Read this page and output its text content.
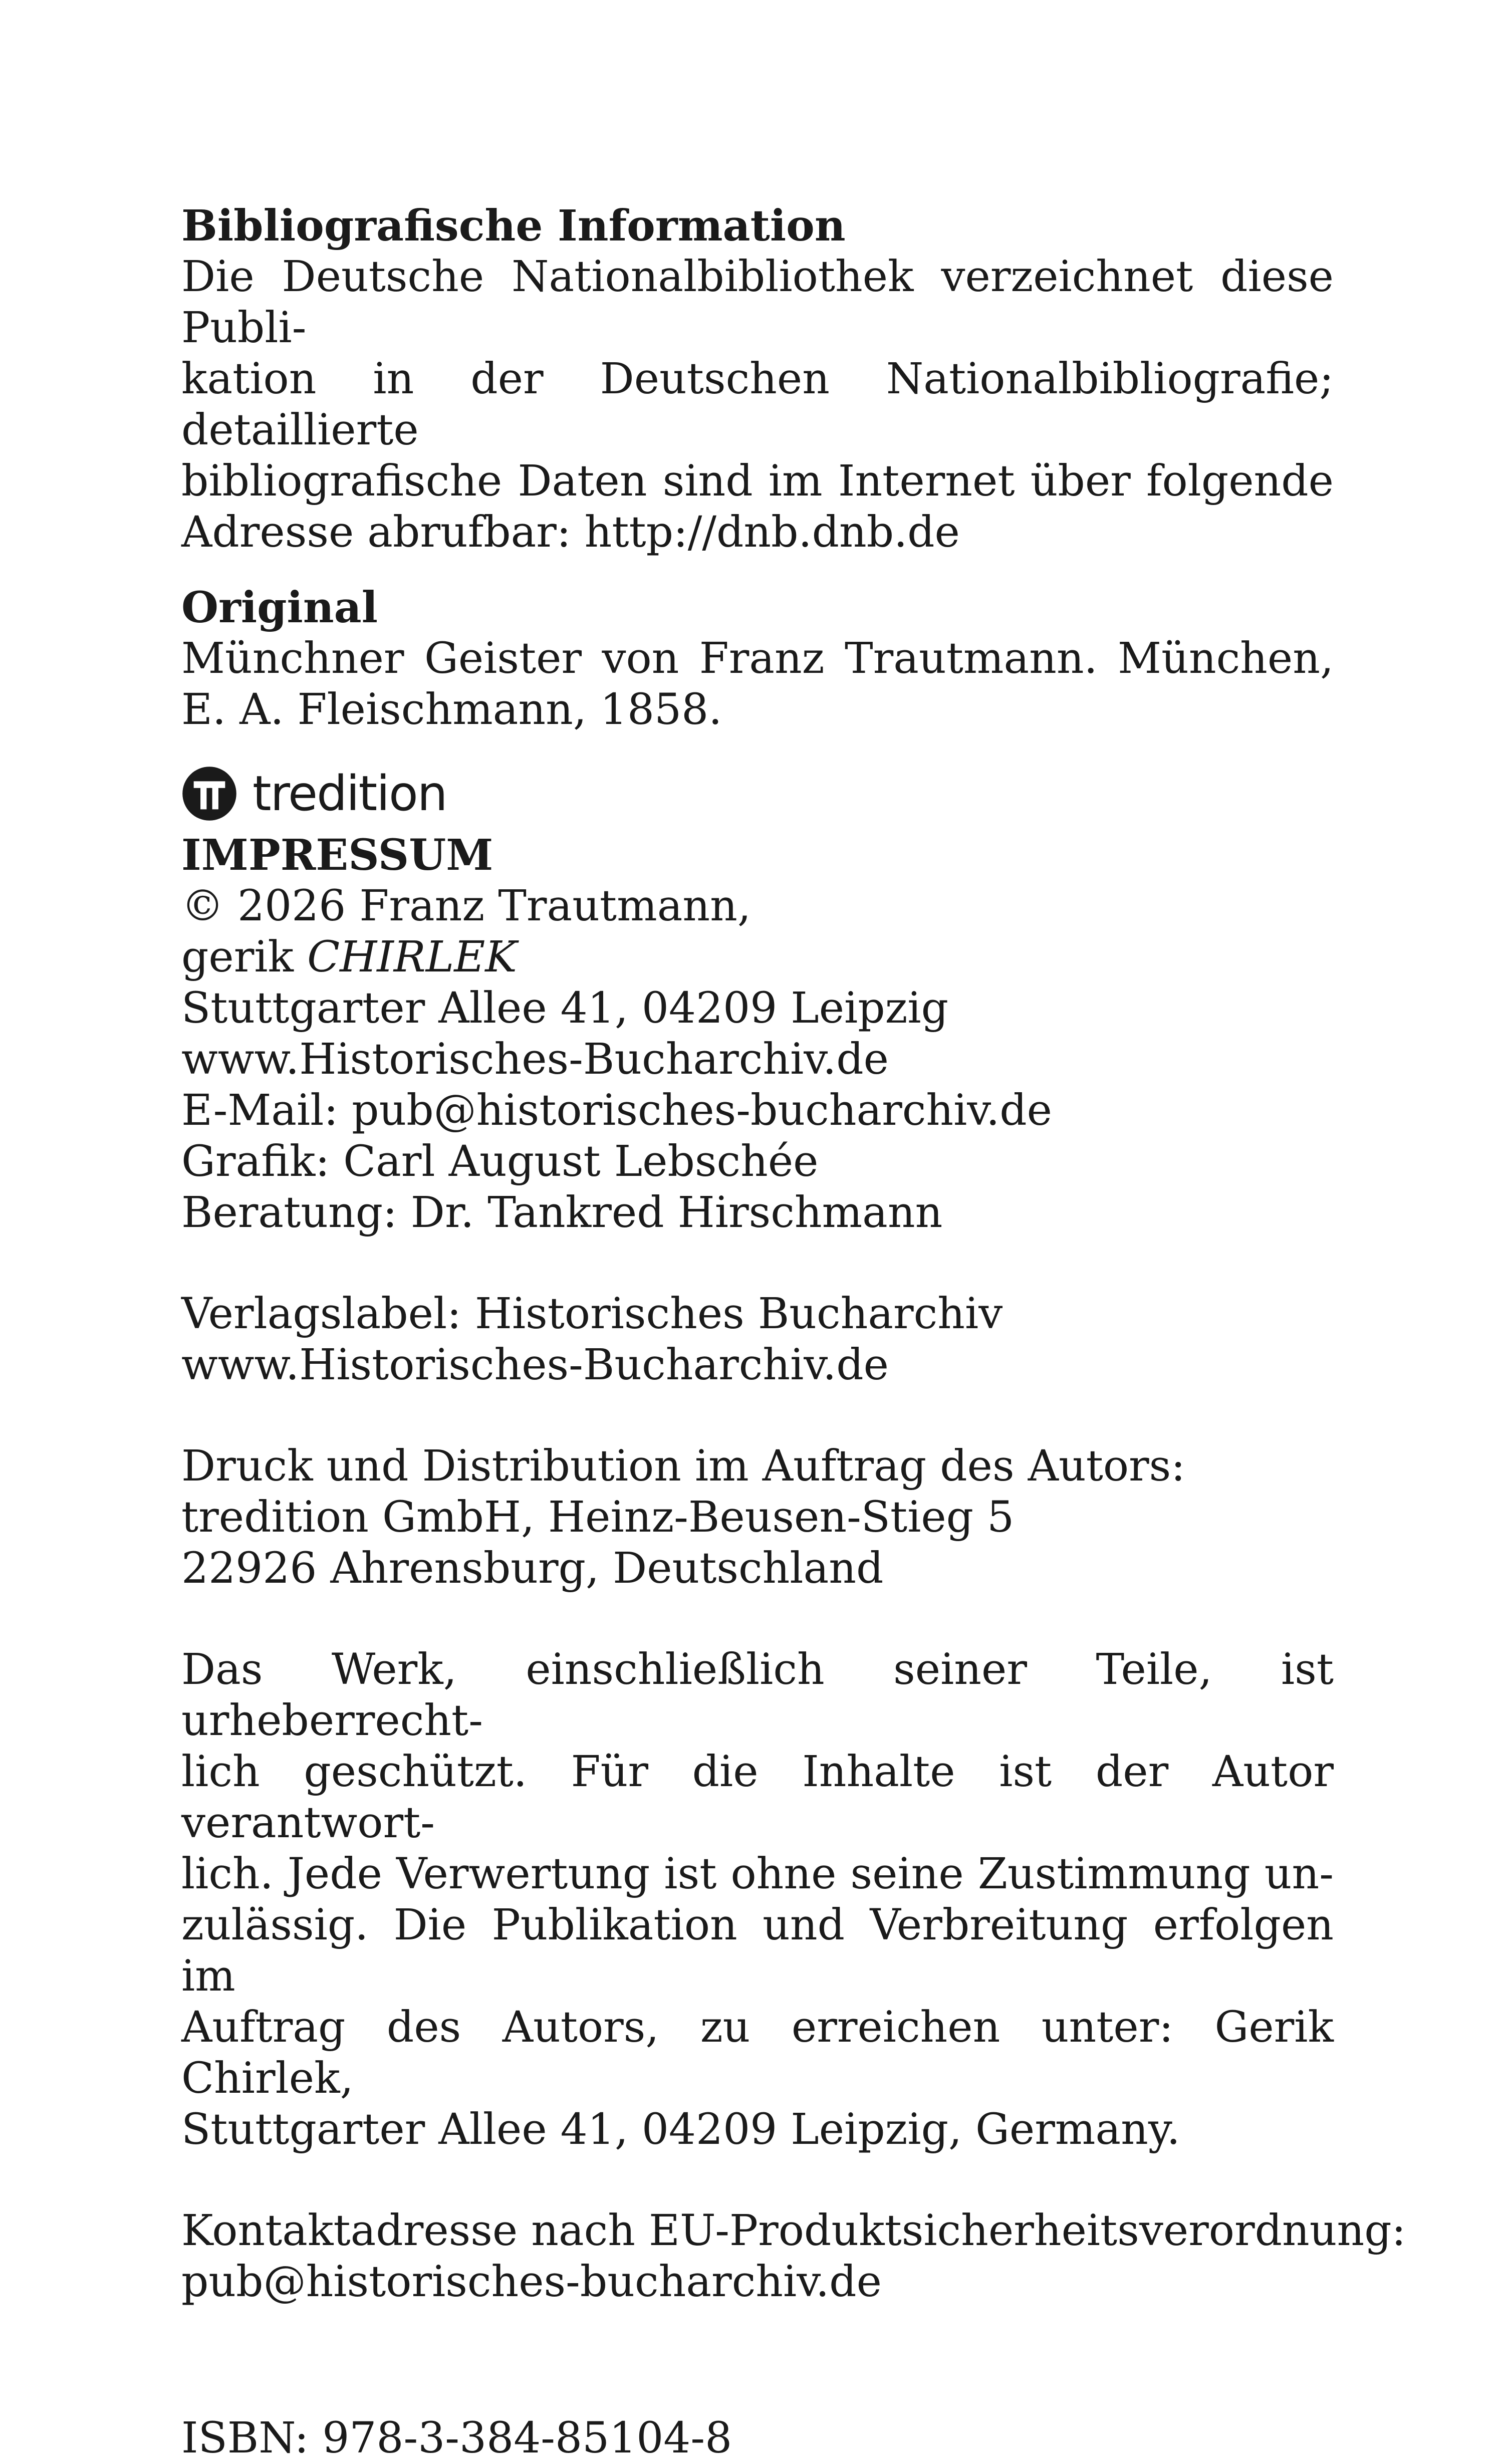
Bibliografische Information
Die Deutsche Nationalbibliothek verzeichnet diese Publi-
kation in der Deutschen Nationalbibliografie; detaillierte
bibliografische Daten sind im Internet über folgende
Adresse abrufbar: http://dnb.dnb.de
Original
Münchner Geister von Franz Trautmann. München,
E. A. Fleischmann, 1858.
tredition
IMPRESSUM
© 2026 Franz Trautmann,
gerik CHIRLEK
Stuttgarter Allee 41, 04209 Leipzig
www.Historisches-Bucharchiv.de
E-Mail: pub@historisches-bucharchiv.de
Grafik: Carl August Lebschée
Beratung: Dr. Tankred Hirschmann
Verlagslabel: Historisches Bucharchiv
www.Historisches-Bucharchiv.de
Druck und Distribution im Auftrag des Autors:
tredition GmbH, Heinz-Beusen-Stieg 5
22926 Ahrensburg, Deutschland
Das Werk, einschließlich seiner Teile, ist urheberrecht-
lich geschützt. Für die Inhalte ist der Autor verantwort-
lich. Jede Verwertung ist ohne seine Zustimmung un-
zulässig. Die Publikation und Verbreitung erfolgen im
Auftrag des Autors, zu erreichen unter: Gerik Chirlek,
Stuttgarter Allee 41, 04209 Leipzig, Germany.
Kontaktadresse nach EU-Produktsicherheitsverordnung:
pub@historisches-bucharchiv.de
ISBN: 978-3-384-85104-8
